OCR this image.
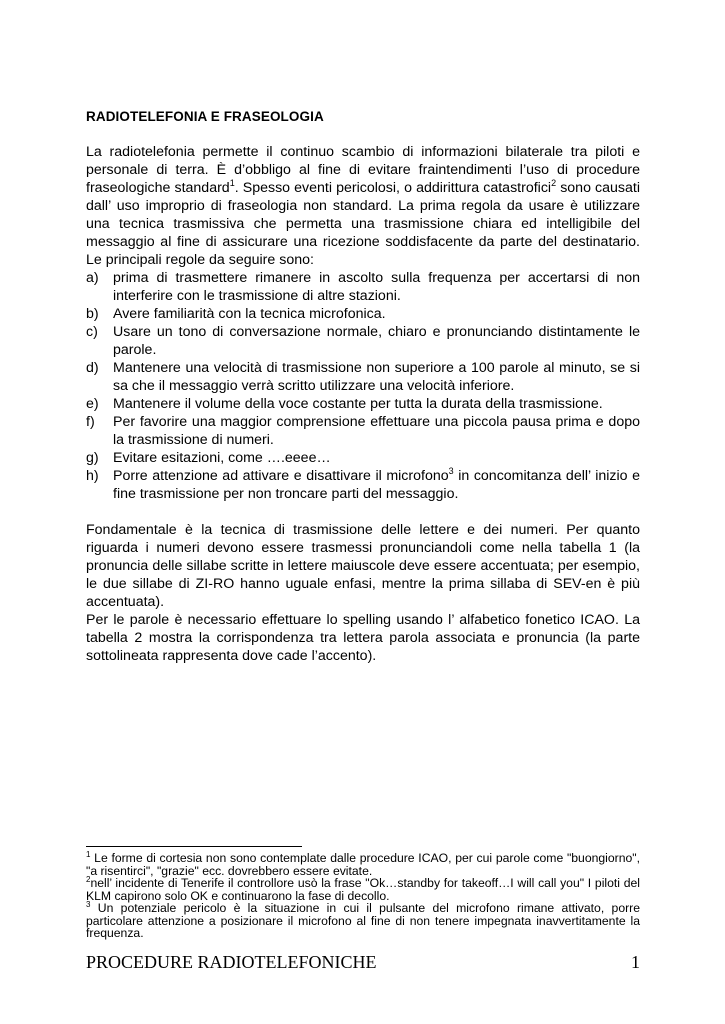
RADIOTELEFONIA E FRASEOLOGIA

La radiotelefonia permette il continuo scambio di informazioni bilaterale tra piloti e personale di terra. È d’obbligo al fine di evitare fraintendimenti l’uso di procedure fraseologiche standard$^1$. Spesso eventi pericolosi, o addirittura catastrofici$^2$ sono causati dall’ uso improprio di fraseologia non standard. La prima regola da usare è utilizzare una tecnica trasmissiva che permetta una trasmissione chiara ed intelligibile del messaggio al fine di assicurare una ricezione soddisfacente da parte del destinatario. Le principali regole da seguire sono:

a) prima di trasmettere rimanere in ascolto sulla frequenza per accertarsi di non interferire con le trasmissione di altre stazioni.
b) Avere familiarità con la tecnica microfonica.
c) Usare un tono di conversazione normale, chiaro e pronunciando distintamente le parole.
d) Mantenere una velocità di trasmissione non superiore a 100 parole al minuto, se si sa che il messaggio verrà scritto utilizzare una velocità inferiore.
e) Mantenere il volume della voce costante per tutta la durata della trasmissione.
f) Per favorire una maggior comprensione effettuare una piccola pausa prima e dopo la trasmissione di numeri.
g) Evitare esitazioni, come ….eeee…
h) Porre attenzione ad attivare e disattivare il microfono$^3$ in concomitanza dell’ inizio e fine trasmissione per non troncare parti del messaggio.

Fondamentale è la tecnica di trasmissione delle lettere e dei numeri. Per quanto riguarda i numeri devono essere trasmessi pronunciandoli come nella tabella 1 (la pronuncia delle sillabe scritte in lettere maiuscole deve essere accentuata; per esempio, le due sillabe di ZI-RO hanno uguale enfasi, mentre la prima sillaba di SEV-en è più accentuata).

Per le parole è necessario effettuare lo spelling usando l’ alfabetico fonetico ICAO. La tabella 2 mostra la corrispondenza tra lettera parola associata e pronuncia (la parte sottolineata rappresenta dove cade l’accento).

$^1$ Le forme di cortesia non sono contemplate dalle procedure ICAO, per cui parole come "buongiorno", "a risentirci", "grazie" ecc. dovrebbero essere evitate.

$^2$nell’ incidente di Tenerife il controllore usò la frase "Ok…standby for takeoff…I will call you" I piloti del KLM capirono solo OK e continuarono la fase di decollo.

$^3$ Un potenziale pericolo è la situazione in cui il pulsante del microfono rimane attivato, porre particolare attenzione a posizionare il microfono al fine di non tenere impegnata inavvertitamente la frequenza.

PROCEDURE RADIOTELEFONICHE	1
